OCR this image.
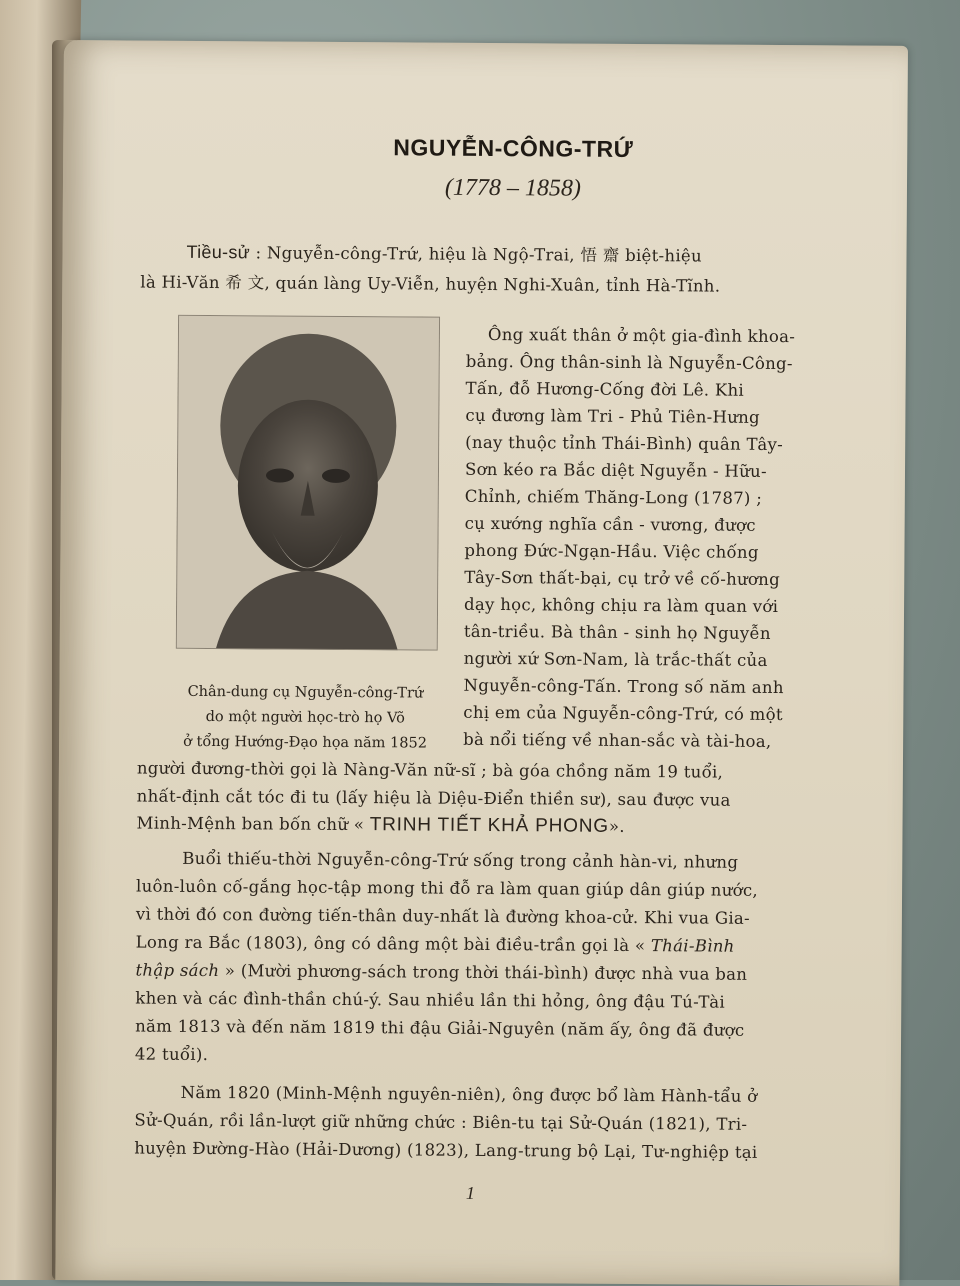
NGUYỄN-CÔNG-TRỨ
(1778 – 1858)
Tiều-sử : Nguyễn-công-Trứ, hiệu là Ngộ-Trai, 悟 齋 biệt-hiệu
là Hi-Văn 希 文, quán làng Uy-Viễn, huyện Nghi-Xuân, tỉnh Hà-Tĩnh.
Chân-dung cụ Nguyễn-công-Trứ
do một người học-trò họ Võ
ở tổng Hướng-Đạo họa năm 1852
Ông xuất thân ở một gia-đình khoa-
bảng. Ông thân-sinh là Nguyễn-Công-
Tấn, đỗ Hương-Cống đời Lê. Khi
cụ đương làm Tri - Phủ Tiên-Hưng
(nay thuộc tỉnh Thái-Bình) quân Tây-
Sơn kéo ra Bắc diệt Nguyễn - Hữu-
Chỉnh, chiếm Thăng-Long (1787) ;
cụ xướng nghĩa cần - vương, được
phong Đức-Ngạn-Hầu. Việc chống
Tây-Sơn thất-bại, cụ trở về cố-hương
dạy học, không chịu ra làm quan với
tân-triều. Bà thân - sinh họ Nguyễn
người xứ Sơn-Nam, là trắc-thất của
Nguyễn-công-Tấn. Trong số năm anh
chị em của Nguyễn-công-Trứ, có một
bà nổi tiếng về nhan-sắc và tài-hoa,
người đương-thời gọi là Nàng-Văn nữ-sĩ ; bà góa chồng năm 19 tuổi,
nhất-định cắt tóc đi tu (lấy hiệu là Diệu-Điển thiền sư), sau được vua
Minh-Mệnh ban bốn chữ « TRINH TIẾT KHẢ PHONG».
Buổi thiếu-thời Nguyễn-công-Trứ sống trong cảnh hàn-vi, nhưng
luôn-luôn cố-gắng học-tập mong thi đỗ ra làm quan giúp dân giúp nước,
vì thời đó con đường tiến-thân duy-nhất là đường khoa-cử. Khi vua Gia-
Long ra Bắc (1803), ông có dâng một bài điều-trần gọi là « Thái-Bình
thập sách » (Mười phương-sách trong thời thái-bình) được nhà vua ban
khen và các đình-thần chú-ý. Sau nhiều lần thi hỏng, ông đậu Tú-Tài
năm 1813 và đến năm 1819 thi đậu Giải-Nguyên (năm ấy, ông đã được
42 tuổi).
Năm 1820 (Minh-Mệnh nguyên-niên), ông được bổ làm Hành-tẩu ở
Sử-Quán, rồi lần-lượt giữ những chức : Biên-tu tại Sử-Quán (1821), Tri-
huyện Đường-Hào (Hải-Dương) (1823), Lang-trung bộ Lại, Tư-nghiệp tại
1
